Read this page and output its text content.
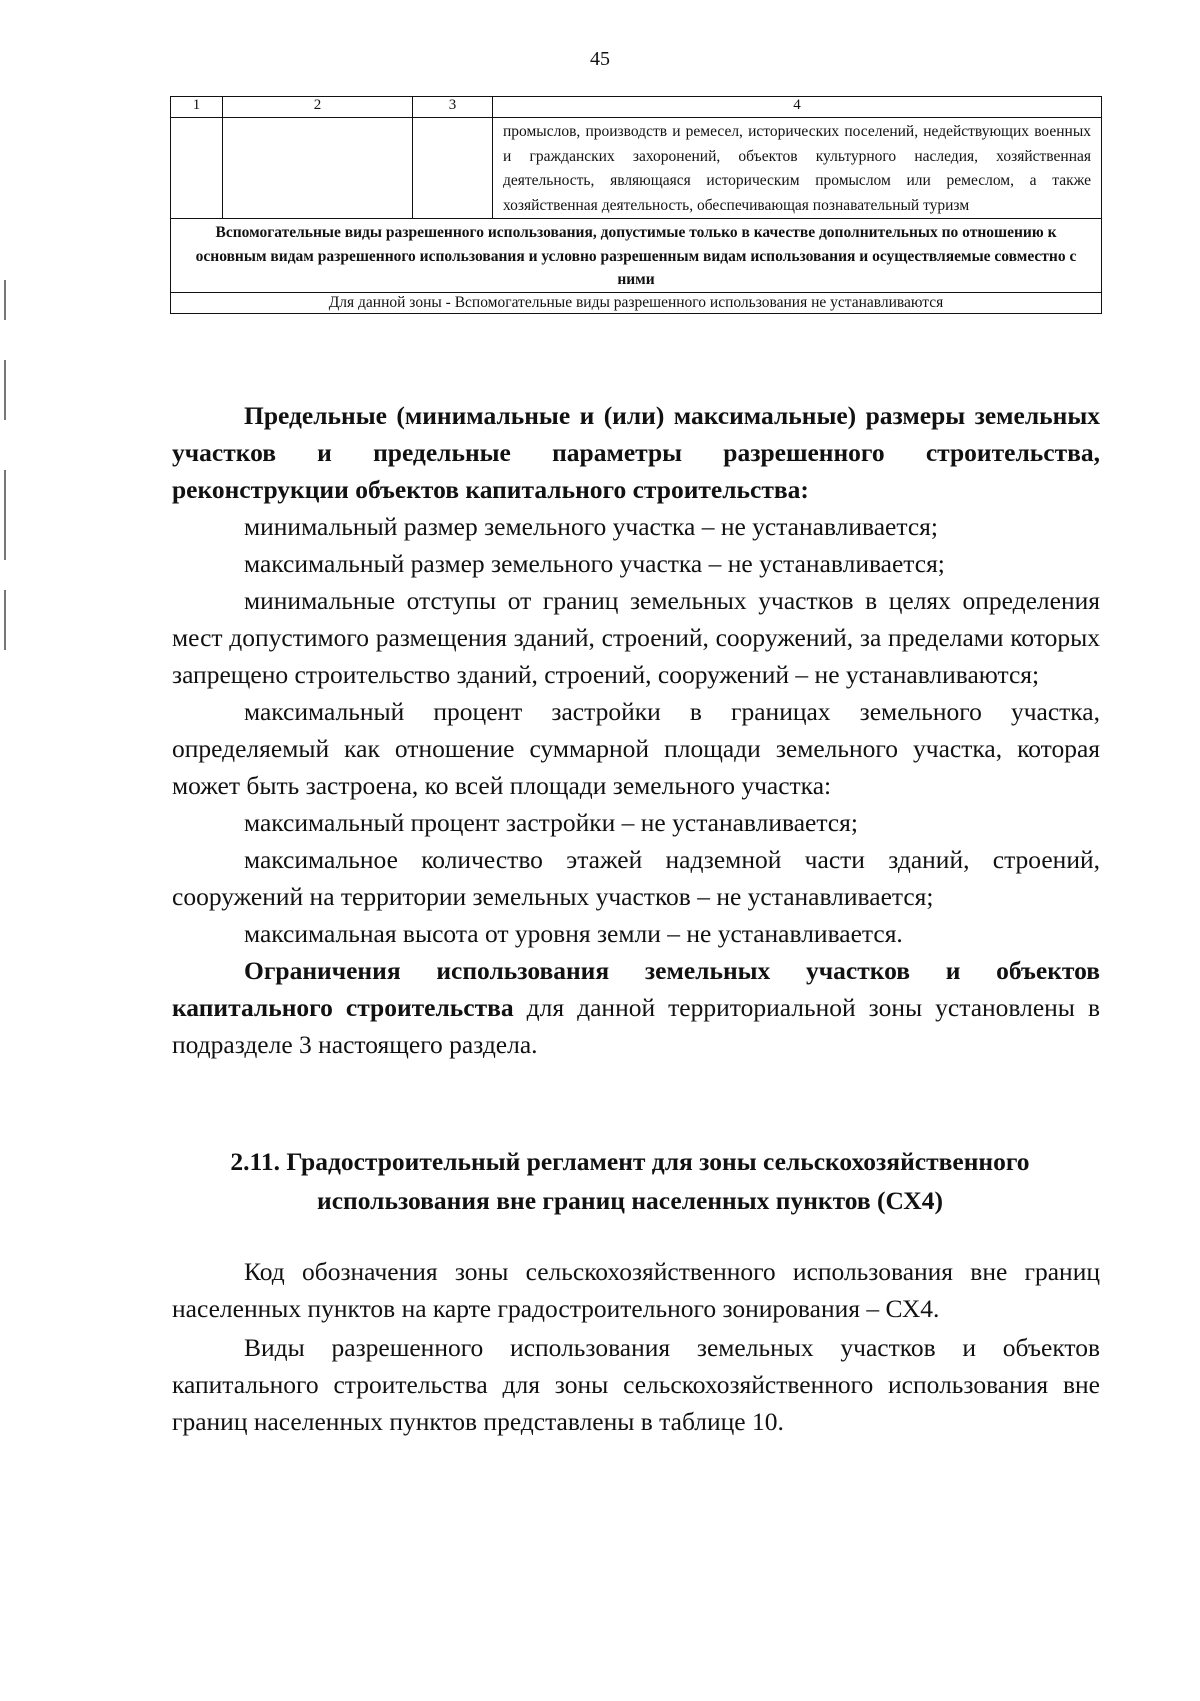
45
1	2	3	4
			промыслов, производств и ремесел, исторических поселений, недействующих военных и гражданских захоронений, объектов культурного наследия, хозяйственная деятельность, являющаяся историческим промыслом или ремеслом, а также хозяйственная деятельность, обеспечивающая познавательный туризм
Вспомогательные виды разрешенного использования, допустимые только в качестве дополнительных по отношению к основным видам разрешенного использования и условно разрешенным видам использования и осуществляемые совместно с ними			
Для данной зоны - Вспомогательные виды разрешенного использования не устанавливаются			

Предельные (минимальные и (или) максимальные) размеры земельных участков и предельные параметры разрешенного строительства, реконструкции объектов капитального строительства:

минимальный размер земельного участка – не устанавливается;

максимальный размер земельного участка – не устанавливается;

минимальные отступы от границ земельных участков в целях определения мест допустимого размещения зданий, строений, сооружений, за пределами которых запрещено строительство зданий, строений, сооружений – не устанавливаются;

максимальный процент застройки в границах земельного участка, определяемый как отношение суммарной площади земельного участка, которая может быть застроена, ко всей площади земельного участка:

максимальный процент застройки – не устанавливается;

максимальное количество этажей надземной части зданий, строений, сооружений на территории земельных участков – не устанавливается;

максимальная высота от уровня земли – не устанавливается.

Ограничения использования земельных участков и объектов капитального строительства для данной территориальной зоны установлены в подразделе 3 настоящего раздела.

2.11. Градостроительный регламент для зоны сельскохозяйственного
использования вне границ населенных пунктов (СХ4)

Код обозначения зоны сельскохозяйственного использования вне границ населенных пунктов на карте градостроительного зонирования – СХ4.

Виды разрешенного использования земельных участков и объектов капитального строительства для зоны сельскохозяйственного использования вне границ населенных пунктов представлены в таблице 10.
